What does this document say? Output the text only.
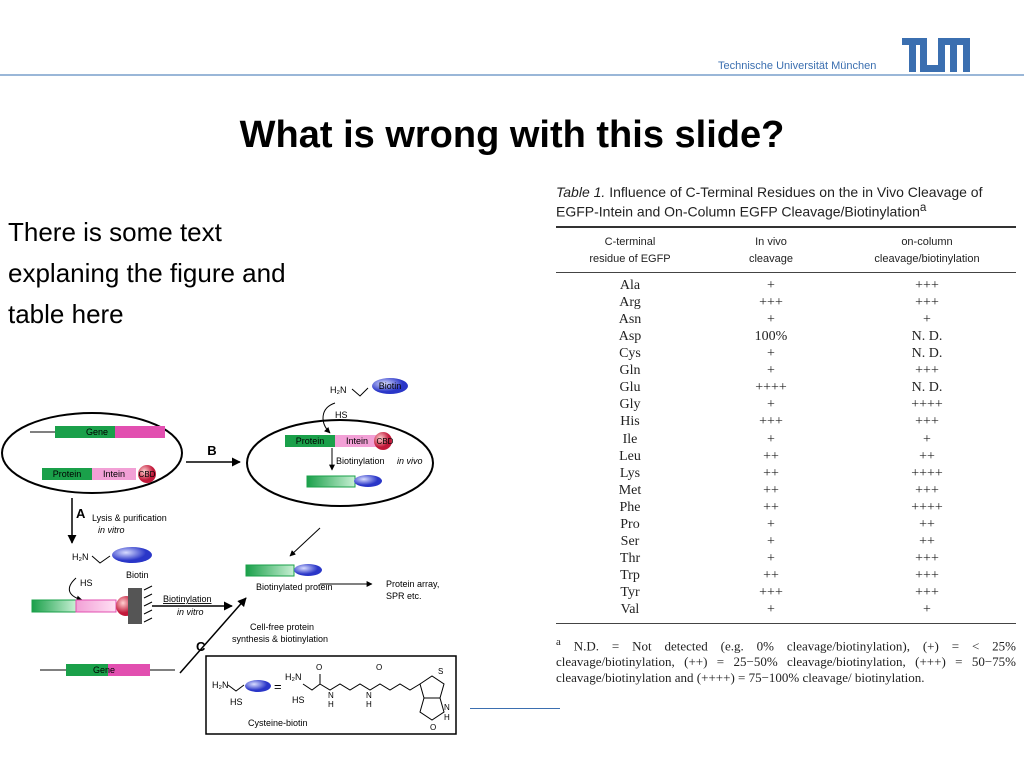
Technische Universität München
What is wrong with this slide?
There is some text explaning the figure and table here
Gene
Protein Intein CBD
B
H₂N
HS
Biotin
Protein Intein CBD
Biotinylation in vivo
A Lysis & purification
in vitro
H₂N
Biotin
HS
Biotinylation
in vitro
Biotinylated protein	Protein array,
SPR etc.
C
Cell-free protein
synthesis & biotinylation
Gene
H₂N	=
HS
H₂N
HS
O
N
H
N
H
O	S
N
O
H
Cysteine-biotin
Table 1. Influence of C-Terminal Residues on the in Vivo Cleavage of EGFP-Intein and On-Column EGFP Cleavage/Biotinylation$^a$
C-terminal
residue of EGFP
In vivo
cleavage
on-column
cleavage/biotinylation
Ala	+	+++
Arg	+++	+++
Asn	+	+
Asp	100%	N. D.
Cys	+	N. D.
Gln	+	+++
Glu	++++	N. D.
Gly	+	++++
His	+++	+++
Ile	+	+
Leu	++	++
Lys	++	++++
Met	++	+++
Phe	++	++++
Pro	+	++
Ser	+	++
Thr	+	+++
Trp	++	+++
Tyr	+++	+++
Val	+	+
$^a$ N.D. = Not detected (e.g. 0% cleavage/biotinylation), (+) = < 25% cleavage/biotinylation, (++) = 25−50% cleavage/biotinylation, (+++) = 50−75% cleavage/biotinylation and (++++) = 75−100% cleavage/ biotinylation.
